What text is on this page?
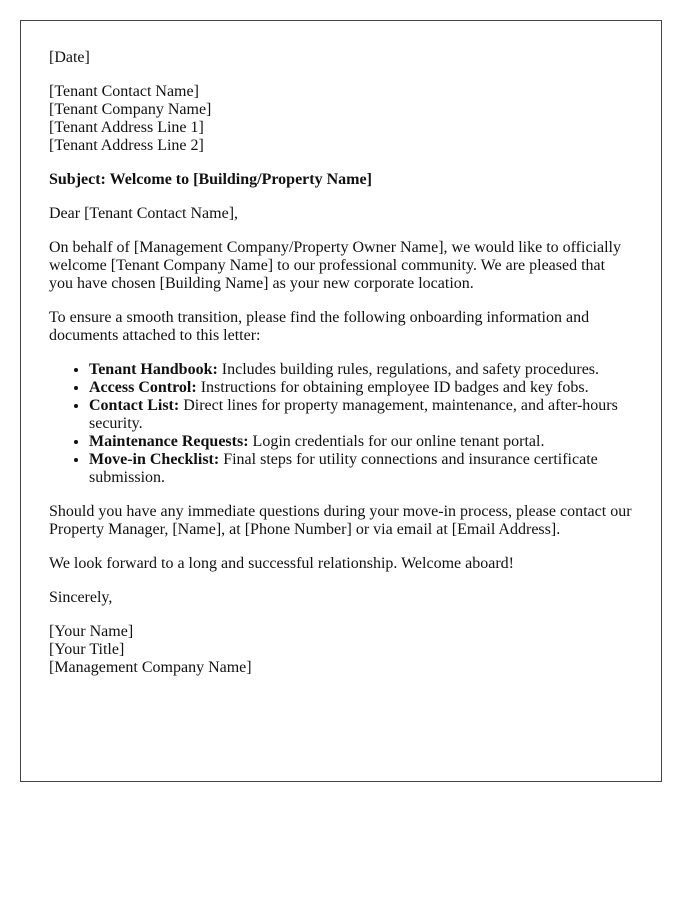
[Date]

[Tenant Contact Name]
[Tenant Company Name]
[Tenant Address Line 1]
[Tenant Address Line 2]

Subject: Welcome to [Building/Property Name]

Dear [Tenant Contact Name],

On behalf of [Management Company/Property Owner Name], we would like to officially welcome [Tenant Company Name] to our professional community. We are pleased that you have chosen [Building Name] as your new corporate location.

To ensure a smooth transition, please find the following onboarding information and documents attached to this letter:

• Tenant Handbook: Includes building rules, regulations, and safety procedures.
• Access Control: Instructions for obtaining employee ID badges and key fobs.
• Contact List: Direct lines for property management, maintenance, and after-hours security.
• Maintenance Requests: Login credentials for our online tenant portal.
• Move-in Checklist: Final steps for utility connections and insurance certificate submission.

Should you have any immediate questions during your move-in process, please contact our Property Manager, [Name], at [Phone Number] or via email at [Email Address].

We look forward to a long and successful relationship. Welcome aboard!

Sincerely,

[Your Name]
[Your Title]
[Management Company Name]
